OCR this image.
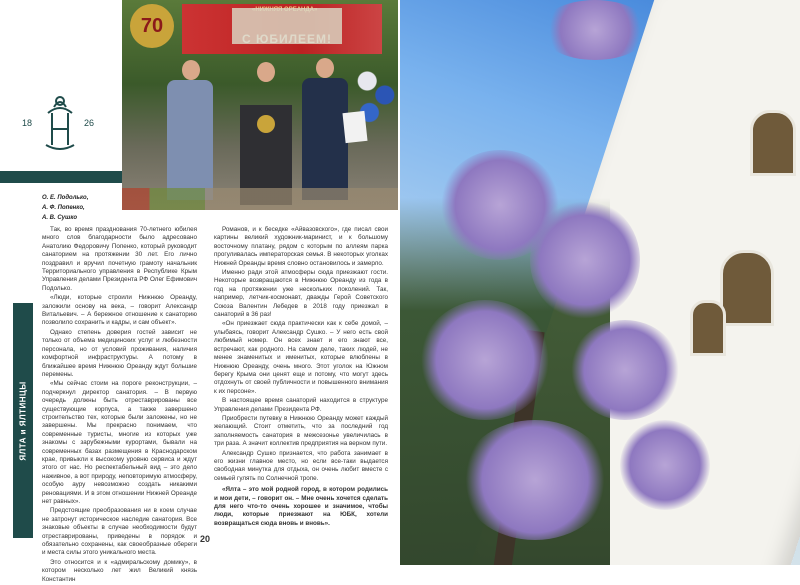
18	26
ЯЛТА и ЯЛТИНЦЫ
70
О. Е. Подолько,
А. Ф. Попенко,
А. В. Сушко

Так, во время празднования 70-летнего юбилея много слов благодарности было адресовано Анатолию Федоровичу Попенко, который руководит санаторием на протяжении 30 лет. Его лично поздравил и вручил почетную грамоту начальник Территориального управления в Республике Крым Управления делами Президента РФ Олег Ефимович Подолько.

«Люди, которые строили Нижнюю Ореанду, заложили основу на века, – говорит Александр Витальевич. – А бережное отношение к санаторию позволило сохранить и кадры, и сам объект».

Однако степень доверия гостей зависит не только от объема медицинских услуг и любезности персонала, но от условий проживания, наличия комфортной инфраструктуры. А потому в ближайшее время Нижнюю Ореанду ждут большие перемены.

«Мы сейчас стоим на пороге реконструкции, – подчеркнул директор санатория. – В первую очередь должны быть отреставрированы все существующие корпуса, а также завершено строительство тех, которые были заложены, но не завершены. Мы прекрасно понимаем, что современные туристы, многие из которых уже знакомы с зарубежными курортами, бывали на современных базах размещения в Краснодарском крае, привыкли к высокому уровню сервиса и ждут этого от нас. Но респектабельный вид – это дело наживное, а вот природу, неповторимую атмосферу, особую ауру невозможно создать никакими реновациями. И в этом отношении Нижней Ореанде нет равных».

Предстоящие преобразования ни в коем случае не затронут историческое наследие санатория. Все знаковые объекты в случае необходимости будут отреставрированы, приведены в порядок и обязательно сохранены, как своеобразные обереги и места силы этого уникального места.

Это относится и к «адмиральскому домику», в котором несколько лет жил Великий князь Константин

Романов, и к беседке «Айвазовского», где писал свои картины великий художник-маринист, и к большому восточному платану, рядом с которым по аллеям парка прогуливалась императорская семья. В некоторых уголках Нижней Ореанды время словно остановилось и замерло.

Именно ради этой атмосферы сюда приезжают гости. Некоторые возвращаются в Нижнюю Ореанду из года в год на протяжении уже нескольких поколений. Так, например, летчик-космонавт, дважды Герой Советского Союза Валентин Лебедев в 2018 году приезжал в санаторий в 36 раз!

«Он приезжает сюда практически как к себе домой, – улыбаясь, говорит Александр Сушко. – У него есть свой любимый номер. Он всех знает и его знают все, встречают, как родного. На самом деле, таких людей, не менее знаменитых и именитых, которые влюблены в Нижнюю Ореанду, очень много. Этот уголок на Южном берегу Крыма они ценят еще и потому, что могут здесь отдохнуть от своей публичности и повышенного внимания к их персоне».

В настоящее время санаторий находится в структуре Управления делами Президента РФ.

Приобрести путевку в Нижнюю Ореанду может каждый желающий. Стоит отметить, что за последний год заполняемость санатория в межсезонье увеличилась в три раза. А значит коллектив предприятия на верном пути.

Александр Сушко признается, что работа занимает в его жизни главное место, но если все-таки выдается свободная минутка для отдыха, он очень любит вместе с семьей гулять по Солнечной тропе.

«Ялта – это мой родной город, в котором родились и мои дети, – говорит он. – Мне очень хочется сделать для него что-то очень хорошее и значимое, чтобы люди, которые приезжают на ЮБК, хотели возвращаться сюда вновь и вновь».

20
